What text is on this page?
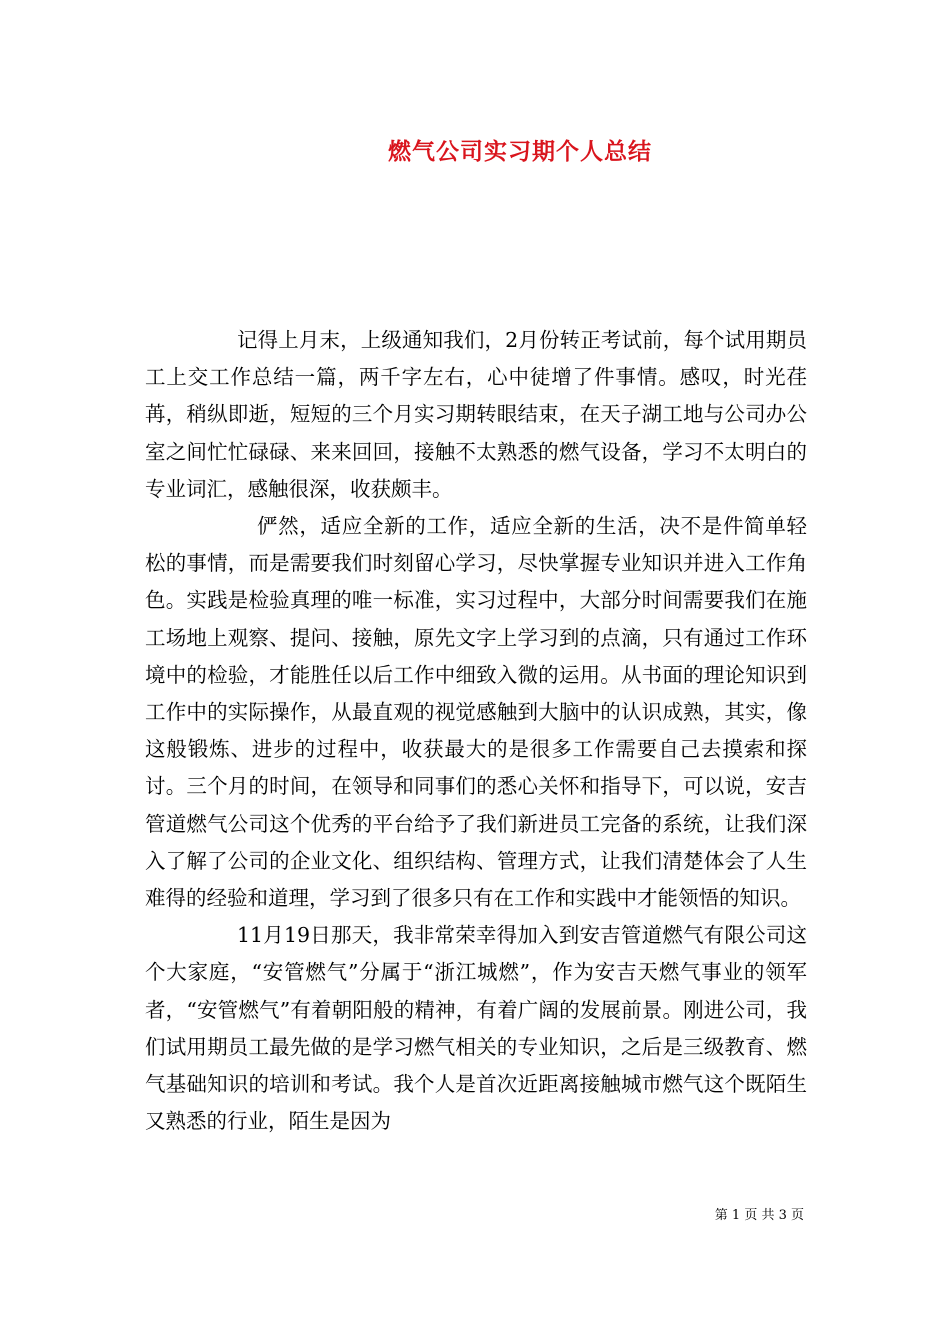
燃气公司实习期个人总结

记得上月末，上级通知我们，2月份转正考试前，每个试用期员工上交工作总结一篇，两千字左右，心中徒增了件事情。感叹，时光荏苒，稍纵即逝，短短的三个月实习期转眼结束，在天子湖工地与公司办公室之间忙忙碌碌、来来回回，接触不太熟悉的燃气设备，学习不太明白的专业词汇，感触很深，收获颇丰。

俨然，适应全新的工作，适应全新的生活，决不是件简单轻松的事情，而是需要我们时刻留心学习，尽快掌握专业知识并进入工作角色。实践是检验真理的唯一标准，实习过程中，大部分时间需要我们在施工场地上观察、提问、接触，原先文字上学习到的点滴，只有通过工作环境中的检验，才能胜任以后工作中细致入微的运用。从书面的理论知识到工作中的实际操作，从最直观的视觉感触到大脑中的认识成熟，其实，像这般锻炼、进步的过程中，收获最大的是很多工作需要自己去摸索和探讨。三个月的时间，在领导和同事们的悉心关怀和指导下，可以说，安吉管道燃气公司这个优秀的平台给予了我们新进员工完备的系统，让我们深入了解了公司的企业文化、组织结构、管理方式，让我们清楚体会了人生难得的经验和道理，学习到了很多只有在工作和实践中才能领悟的知识。

11月19日那天，我非常荣幸得加入到安吉管道燃气有限公司这个大家庭，“安管燃气”分属于“浙江城燃”，作为安吉天燃气事业的领军者，“安管燃气”有着朝阳般的精神，有着广阔的发展前景。刚进公司，我们试用期员工最先做的是学习燃气相关的专业知识，之后是三级教育、燃气基础知识的培训和考试。我个人是首次近距离接触城市燃气这个既陌生又熟悉的行业，陌生是因为

第 1 页 共 3 页
